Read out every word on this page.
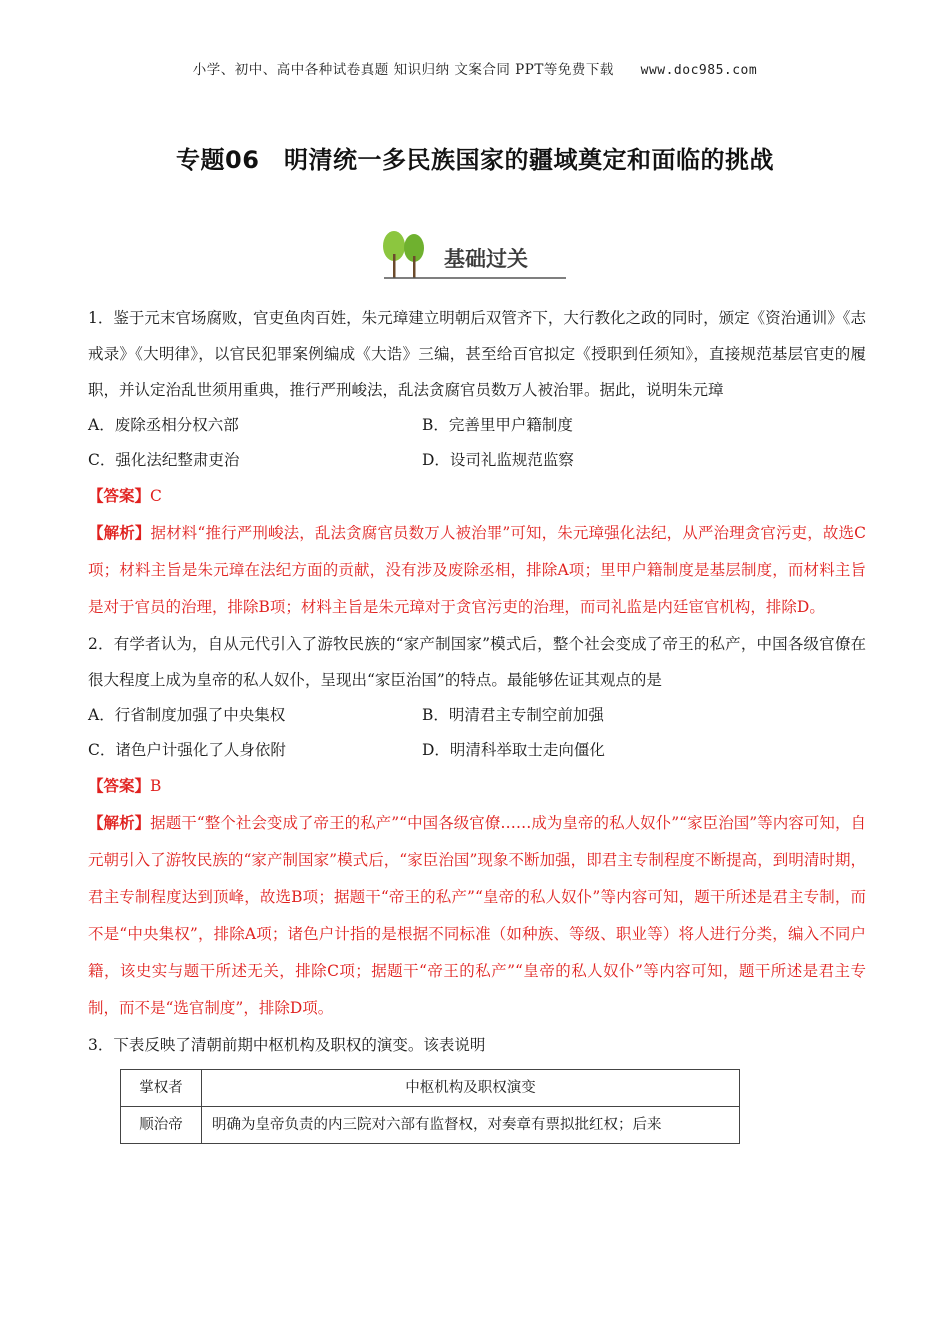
小学、初中、高中各种试卷真题 知识归纳 文案合同 PPT等免费下载 www.doc985.com
专题06　明清统一多民族国家的疆域奠定和面临的挑战
基础过关
1．鉴于元末官场腐败，官吏鱼肉百姓，朱元璋建立明朝后双管齐下，大行教化之政的同时，颁定《资治通训》《志戒录》《大明律》，以官民犯罪案例编成《大诰》三编，甚至给百官拟定《授职到任须知》，直接规范基层官吏的履职，并认定治乱世须用重典，推行严刑峻法，乱法贪腐官员数万人被治罪。据此，说明朱元璋
A．废除丞相分权六部	B．完善里甲户籍制度
C．强化法纪整肃吏治	D．设司礼监规范监察
【答案】C
【解析】据材料“推行严刑峻法，乱法贪腐官员数万人被治罪”可知，朱元璋强化法纪，从严治理贪官污吏，故选C项；材料主旨是朱元璋在法纪方面的贡献，没有涉及废除丞相，排除A项；里甲户籍制度是基层制度，而材料主旨是对于官员的治理，排除B项；材料主旨是朱元璋对于贪官污吏的治理，而司礼监是内廷宦官机构，排除D。
2．有学者认为，自从元代引入了游牧民族的“家产制国家”模式后，整个社会变成了帝王的私产，中国各级官僚在很大程度上成为皇帝的私人奴仆，呈现出“家臣治国”的特点。最能够佐证其观点的是
A．行省制度加强了中央集权	B．明清君主专制空前加强
C．诸色户计强化了人身依附	D．明清科举取士走向僵化
【答案】B
【解析】据题干“整个社会变成了帝王的私产”“中国各级官僚……成为皇帝的私人奴仆”“家臣治国”等内容可知，自元朝引入了游牧民族的“家产制国家”模式后，“家臣治国”现象不断加强，即君主专制程度不断提高，到明清时期，君主专制程度达到顶峰，故选B项；据题干“帝王的私产”“皇帝的私人奴仆”等内容可知，题干所述是君主专制，而不是“中央集权”，排除A项；诸色户计指的是根据不同标准（如种族、等级、职业等）将人进行分类，编入不同户籍，该史实与题干所述无关，排除C项；据题干“帝王的私产”“皇帝的私人奴仆”等内容可知，题干所述是君主专制，而不是“选官制度”，排除D项。
3．下表反映了清朝前期中枢机构及职权的演变。该表说明
掌权者	中枢机构及职权演变
顺治帝	明确为皇帝负责的内三院对六部有监督权，对奏章有票拟批红权；后来
